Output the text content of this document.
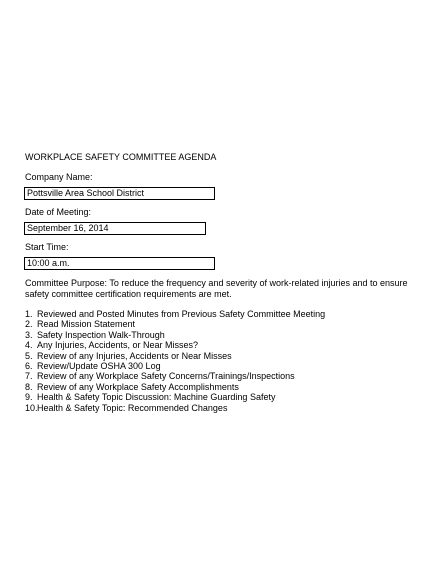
WORKPLACE SAFETY COMMITTEE AGENDA
Company Name:
Pottsville Area School District
Date of Meeting:
September 16, 2014
Start Time:
10:00 a.m.
Committee Purpose: To reduce the frequency and severity of work-related injuries and to ensure safety committee certification requirements are met.
1. Reviewed and Posted Minutes from Previous Safety Committee Meeting
2. Read Mission Statement
3. Safety Inspection Walk-Through
4. Any Injuries, Accidents, or Near Misses?
5. Review of any Injuries, Accidents or Near Misses
6. Review/Update OSHA 300 Log
7. Review of any Workplace Safety Concerns/Trainings/Inspections
8. Review of any Workplace Safety Accomplishments
9. Health & Safety Topic Discussion: Machine Guarding Safety
10. Health & Safety Topic: Recommended Changes
